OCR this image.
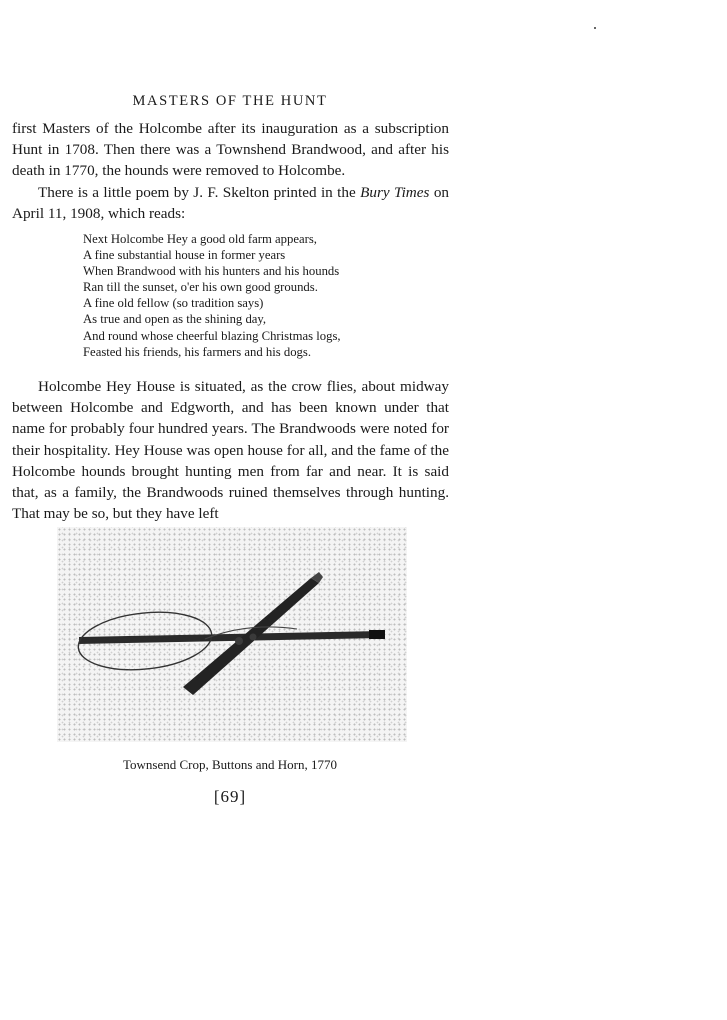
MASTERS OF THE HUNT

first Masters of the Holcombe after its inauguration as a subscription Hunt in 1708. Then there was a Townshend Brandwood, and after his death in 1770, the hounds were removed to Holcombe.

There is a little poem by J. F. Skelton printed in the Bury Times on April 11, 1908, which reads:

Next Holcombe Hey a good old farm appears,
A fine substantial house in former years
When Brandwood with his hunters and his hounds
Ran till the sunset, o'er his own good grounds.
A fine old fellow (so tradition says)
As true and open as the shining day,
And round whose cheerful blazing Christmas logs,
Feasted his friends, his farmers and his dogs.

Holcombe Hey House is situated, as the crow flies, about midway between Holcombe and Edgworth, and has been known under that name for probably four hundred years. The Brandwoods were noted for their hospitality. Hey House was open house for all, and the fame of the Holcombe hounds brought hunting men from far and near. It is said that, as a family, the Brandwoods ruined themselves through hunting. That may be so, but they have left

Townsend Crop, Buttons and Horn, 1770
[69]
